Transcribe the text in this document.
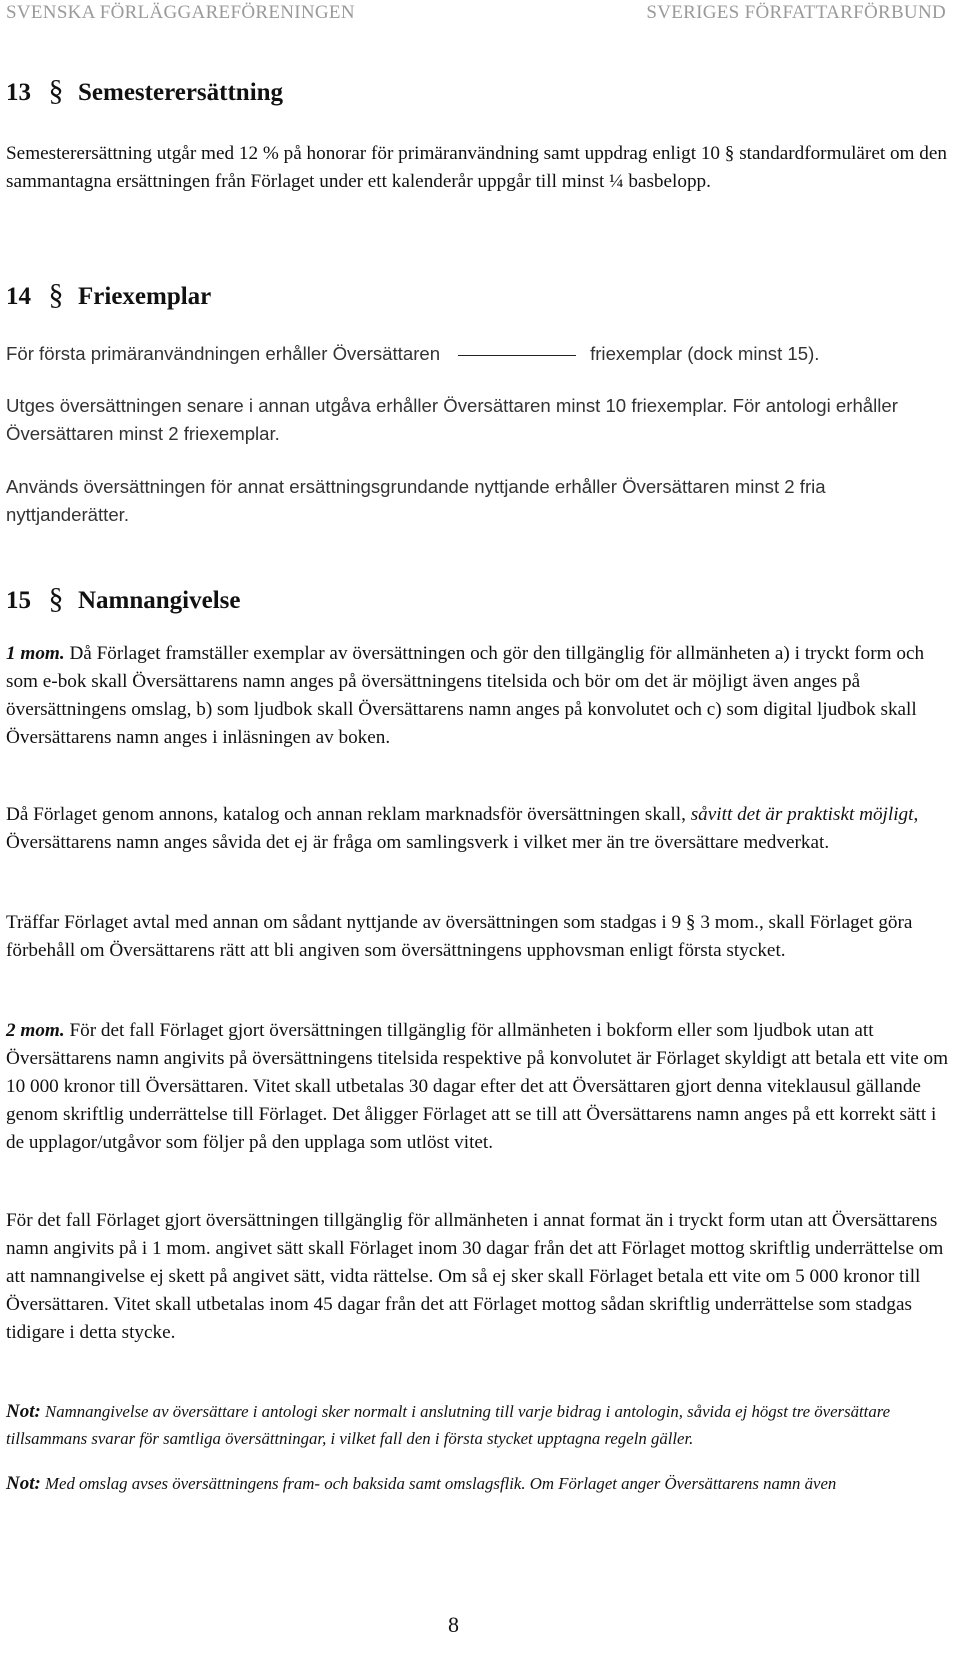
SVENSKA FÖRLÄGGAREFÖRENINGEN	SVERIGES FÖRFATTARFÖRBUND
13 § Semesterersättning

Semesterersättning utgår med 12 % på honorar för primäranvändning samt uppdrag enligt 10 § standardformuläret om den sammantagna ersättningen från Förlaget under ett kalenderår uppgår till minst ¼ basbelopp.

14 § Friexemplar

För första primäranvändningen erhåller Översättaren	friexemplar (dock minst 15).

Utges översättningen senare i annan utgåva erhåller Översättaren minst 10 friexemplar. För antologi erhåller Översättaren minst 2 friexemplar.

Används översättningen för annat ersättningsgrundande nyttjande erhåller Översättaren minst 2 fria nyttjanderätter.

15 § Namnangivelse

1 mom. Då Förlaget framställer exemplar av översättningen och gör den tillgänglig för allmänheten a) i tryckt form och som e-bok skall Översättarens namn anges på översättningens titelsida och bör om det är möjligt även anges på översättningens omslag, b) som ljudbok skall Översättarens namn anges på konvolutet och c) som digital ljudbok skall Översättarens namn anges i inläsningen av boken.

Då Förlaget genom annons, katalog och annan reklam marknadsför översättningen skall, såvitt det är praktiskt möjligt, Översättarens namn anges såvida det ej är fråga om samlingsverk i vilket mer än tre översättare medverkat.

Träffar Förlaget avtal med annan om sådant nyttjande av översättningen som stadgas i 9 § 3 mom., skall Förlaget göra förbehåll om Översättarens rätt att bli angiven som översättningens upphovsman enligt första stycket.

2 mom. För det fall Förlaget gjort översättningen tillgänglig för allmänheten i bokform eller som ljudbok utan att Översättarens namn angivits på översättningens titelsida respektive på konvolutet är Förlaget skyldigt att betala ett vite om 10 000 kronor till Översättaren. Vitet skall utbetalas 30 dagar efter det att Översättaren gjort denna viteklausul gällande genom skriftlig underrättelse till Förlaget. Det åligger Förlaget att se till att Översättarens namn anges på ett korrekt sätt i de upplagor/utgåvor som följer på den upplaga som utlöst vitet.

För det fall Förlaget gjort översättningen tillgänglig för allmänheten i annat format än i tryckt form utan att Översättarens namn angivits på i 1 mom. angivet sätt skall Förlaget inom 30 dagar från det att Förlaget mottog skriftlig underrättelse om att namnangivelse ej skett på angivet sätt, vidta rättelse. Om så ej sker skall Förlaget betala ett vite om 5 000 kronor till Översättaren. Vitet skall utbetalas inom 45 dagar från det att Förlaget mottog sådan skriftlig underrättelse som stadgas tidigare i detta stycke.

Not: Namnangivelse av översättare i antologi sker normalt i anslutning till varje bidrag i antologin, såvida ej högst tre översättare tillsammans svarar för samtliga översättningar, i vilket fall den i första stycket upptagna regeln gäller.

Not: Med omslag avses översättningens fram- och baksida samt omslagsflik. Om Förlaget anger Översättarens namn även

8
